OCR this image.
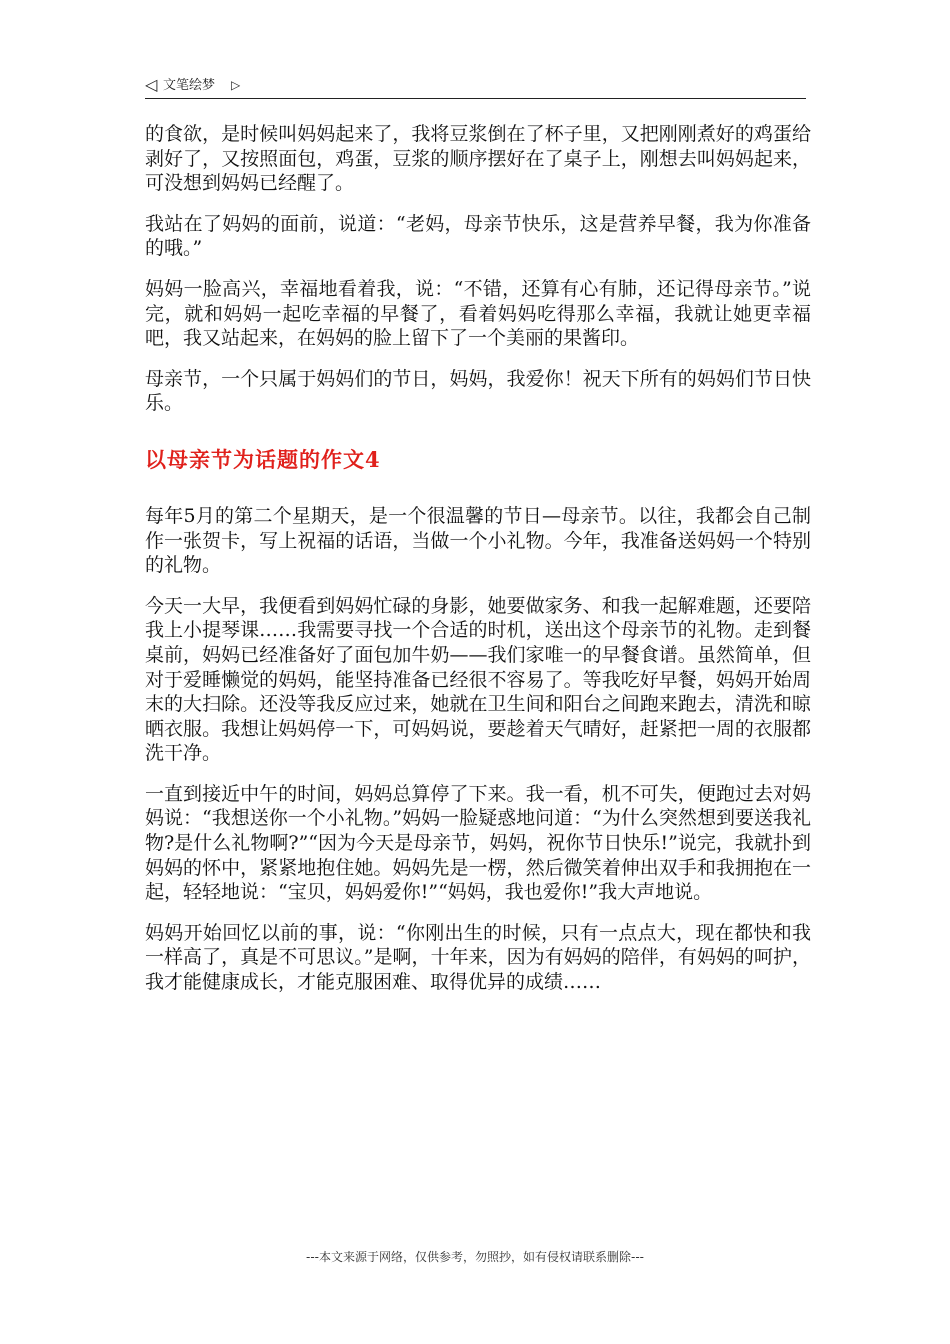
◁ 文笔绘梦 ▷

的食欲，是时候叫妈妈起来了，我将豆浆倒在了杯子里，又把刚刚煮好的鸡蛋给剥好了，又按照面包，鸡蛋，豆浆的顺序摆好在了桌子上，刚想去叫妈妈起来，可没想到妈妈已经醒了。

我站在了妈妈的面前，说道：“老妈，母亲节快乐，这是营养早餐，我为你准备的哦。”

妈妈一脸高兴，幸福地看着我，说：“不错，还算有心有肺，还记得母亲节。”说完，就和妈妈一起吃幸福的早餐了，看着妈妈吃得那么幸福，我就让她更幸福吧，我又站起来，在妈妈的脸上留下了一个美丽的果酱印。

母亲节，一个只属于妈妈们的节日，妈妈，我爱你！祝天下所有的妈妈们节日快乐。

以母亲节为话题的作文4

每年5月的第二个星期天，是一个很温馨的节日—母亲节。以往，我都会自己制作一张贺卡，写上祝福的话语，当做一个小礼物。今年，我准备送妈妈一个特别的礼物。

今天一大早，我便看到妈妈忙碌的身影，她要做家务、和我一起解难题，还要陪我上小提琴课……我需要寻找一个合适的时机，送出这个母亲节的礼物。走到餐桌前，妈妈已经准备好了面包加牛奶——我们家唯一的早餐食谱。虽然简单，但对于爱睡懒觉的妈妈，能坚持准备已经很不容易了。等我吃好早餐，妈妈开始周末的大扫除。还没等我反应过来，她就在卫生间和阳台之间跑来跑去，清洗和晾晒衣服。我想让妈妈停一下，可妈妈说，要趁着天气晴好，赶紧把一周的衣服都洗干净。

一直到接近中午的时间，妈妈总算停了下来。我一看，机不可失，便跑过去对妈妈说：“我想送你一个小礼物。”妈妈一脸疑惑地问道：“为什么突然想到要送我礼物?是什么礼物啊?”“因为今天是母亲节，妈妈，祝你节日快乐!”说完，我就扑到妈妈的怀中，紧紧地抱住她。妈妈先是一楞，然后微笑着伸出双手和我拥抱在一起，轻轻地说：“宝贝，妈妈爱你!”“妈妈，我也爱你!”我大声地说。

妈妈开始回忆以前的事，说：“你刚出生的时候，只有一点点大，现在都快和我一样高了，真是不可思议。”是啊，十年来，因为有妈妈的陪伴，有妈妈的呵护，我才能健康成长，才能克服困难、取得优异的成绩……

---本文来源于网络，仅供参考，勿照抄，如有侵权请联系删除---
